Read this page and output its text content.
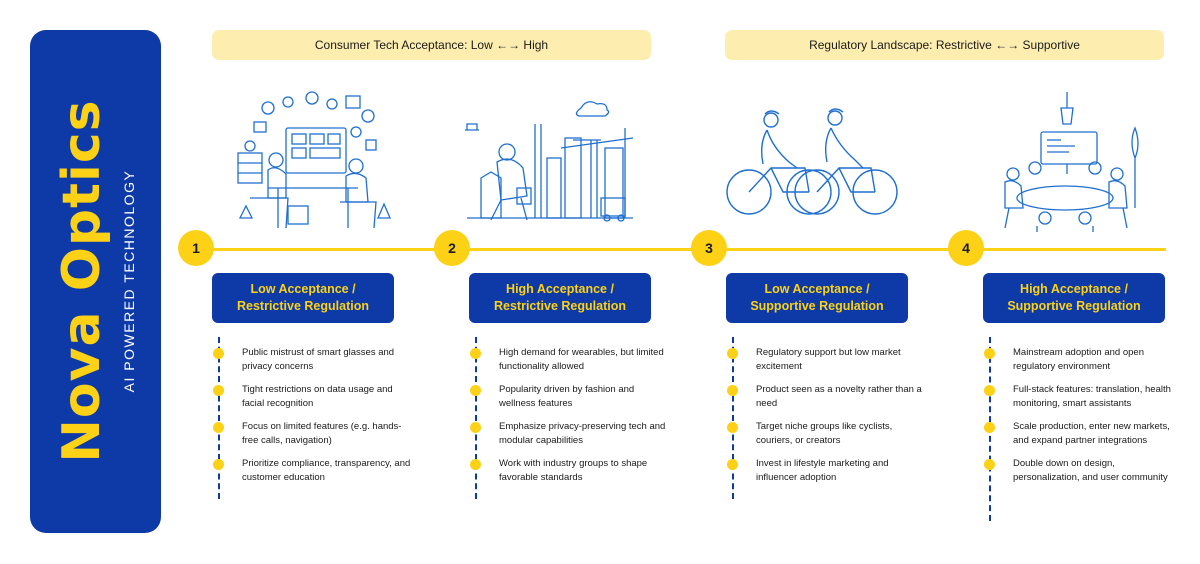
Nova Optics AI POWERED TECHNOLOGY
Consumer Tech Acceptance: Low ←→ High	Regulatory Landscape: Restrictive ←→ Supportive
1	2	3	4
Low Acceptance / Restrictive Regulation
High Acceptance / Restrictive Regulation
Low Acceptance / Supportive Regulation
High Acceptance / Supportive Regulation
Public mistrust of smart glasses and privacy concerns
Tight restrictions on data usage and facial recognition
Focus on limited features (e.g. hands-free calls, navigation)
Prioritize compliance, transparency, and customer education
High demand for wearables, but limited functionality allowed
Popularity driven by fashion and wellness features
Emphasize privacy-preserving tech and modular capabilities
Work with industry groups to shape favorable standards
Regulatory support but low market excitement
Product seen as a novelty rather than a need
Target niche groups like cyclists, couriers, or creators
Invest in lifestyle marketing and influencer adoption
Mainstream adoption and open regulatory environment
Full-stack features: translation, health monitoring, smart assistants
Scale production, enter new markets, and expand partner integrations
Double down on design, personalization, and user community
